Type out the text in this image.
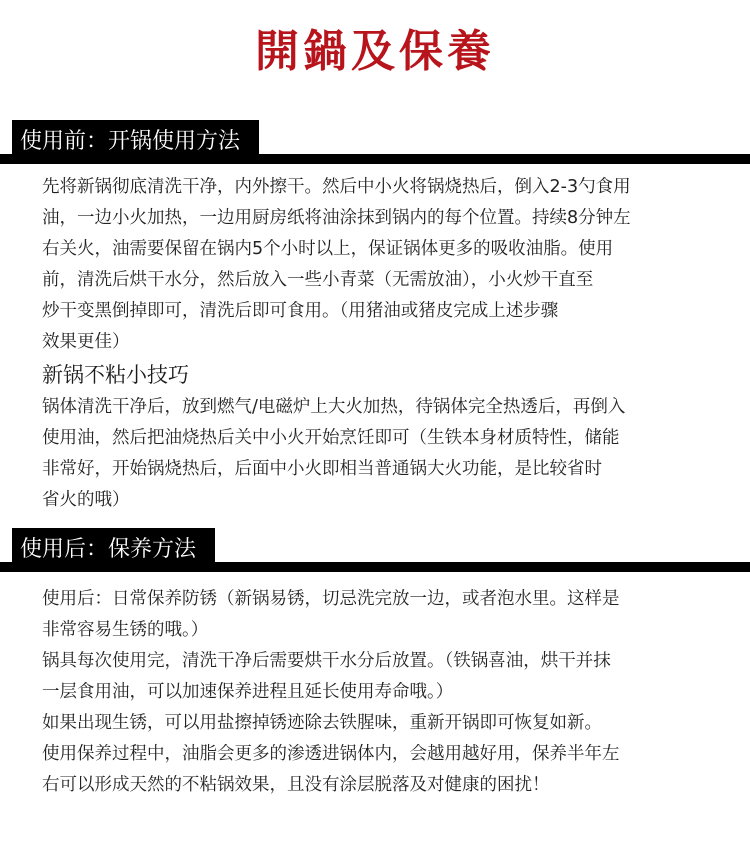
開鍋及保養
使用前：开锅使用方法
先将新锅彻底清洗干净，内外擦干。然后中小火将锅烧热后，倒入2-3勺食用
油，一边小火加热，一边用厨房纸将油涂抹到锅内的每个位置。持续8分钟左
右关火，油需要保留在锅内5个小时以上，保证锅体更多的吸收油脂。使用
前，清洗后烘干水分，然后放入一些小青菜（无需放油），小火炒干直至
炒干变黑倒掉即可，清洗后即可食用。（用猪油或猪皮完成上述步骤
效果更佳）
新锅不粘小技巧
锅体清洗干净后，放到燃气/电磁炉上大火加热，待锅体完全热透后，再倒入
使用油，然后把油烧热后关中小火开始烹饪即可（生铁本身材质特性，储能
非常好，开始锅烧热后，后面中小火即相当普通锅大火功能，是比较省时
省火的哦）
使用后：保养方法
使用后：日常保养防锈（新锅易锈，切忌洗完放一边，或者泡水里。这样是
非常容易生锈的哦。）
锅具每次使用完，清洗干净后需要烘干水分后放置。（铁锅喜油，烘干并抹
一层食用油，可以加速保养进程且延长使用寿命哦。）
如果出现生锈，可以用盐擦掉锈迹除去铁腥味，重新开锅即可恢复如新。
使用保养过程中，油脂会更多的渗透进锅体内，会越用越好用，保养半年左
右可以形成天然的不粘锅效果，且没有涂层脱落及对健康的困扰！
